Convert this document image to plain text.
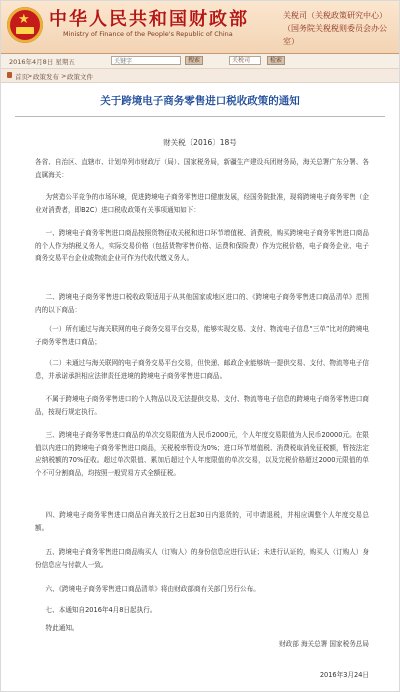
★ 中华人民共和国财政部
Ministry of Finance of the People's Republic of China
关税司（关税政策研究中心）
（国务院关税税则委员会办公室）
2016年4月8日 星期五
关键字	搜索	关税司	检索
首页 > 政策发布 > 政策文件
关于跨境电子商务零售进口税收政策的通知
财关税〔2016〕18号
各省、自治区、直辖市、计划单列市财政厅（局）、国家税务局，新疆生产建设兵团财务局，海关总署广东分署、各直属海关：
为营造公平竞争的市场环境，促进跨境电子商务零售进口健康发展，经国务院批准，现将跨境电子商务零售（企业对消费者，即B2C）进口税收政策有关事项通知如下：
一、跨境电子商务零售进口商品按照货物征收关税和进口环节增值税、消费税，购买跨境电子商务零售进口商品的个人作为纳税义务人，实际交易价格（包括货物零售价格、运费和保险费）作为完税价格，电子商务企业、电子商务交易平台企业或物流企业可作为代收代缴义务人。
二、跨境电子商务零售进口税收政策适用于从其他国家或地区进口的、《跨境电子商务零售进口商品清单》范围内的以下商品：
（一）所有通过与海关联网的电子商务交易平台交易，能够实现交易、支付、物流电子信息“三单”比对的跨境电子商务零售进口商品；
（二）未通过与海关联网的电子商务交易平台交易，但快递、邮政企业能够统一提供交易、支付、物流等电子信息，并承诺承担相应法律责任进境的跨境电子商务零售进口商品。
不属于跨境电子商务零售进口的个人物品以及无法提供交易、支付、物流等电子信息的跨境电子商务零售进口商品，按现行规定执行。
三、跨境电子商务零售进口商品的单次交易限值为人民币2000元，个人年度交易限值为人民币20000元。在限值以内进口的跨境电子商务零售进口商品，关税税率暂设为0%；进口环节增值税、消费税取消免征税额，暂按法定应纳税额的70%征收。超过单次限值、累加后超过个人年度限值的单次交易，以及完税价格超过2000元限值的单个不可分割商品，均按照一般贸易方式全额征税。
四、跨境电子商务零售进口商品自海关放行之日起30日内退货的，可申请退税，并相应调整个人年度交易总额。
五、跨境电子商务零售进口商品购买人（订购人）的身份信息应进行认证；未进行认证的，购买人（订购人）身份信息应与付款人一致。
六、《跨境电子商务零售进口商品清单》将由财政部商有关部门另行公布。
七、本通知自2016年4月8日起执行。
特此通知。
财政部 海关总署 国家税务总局
2016年3月24日
